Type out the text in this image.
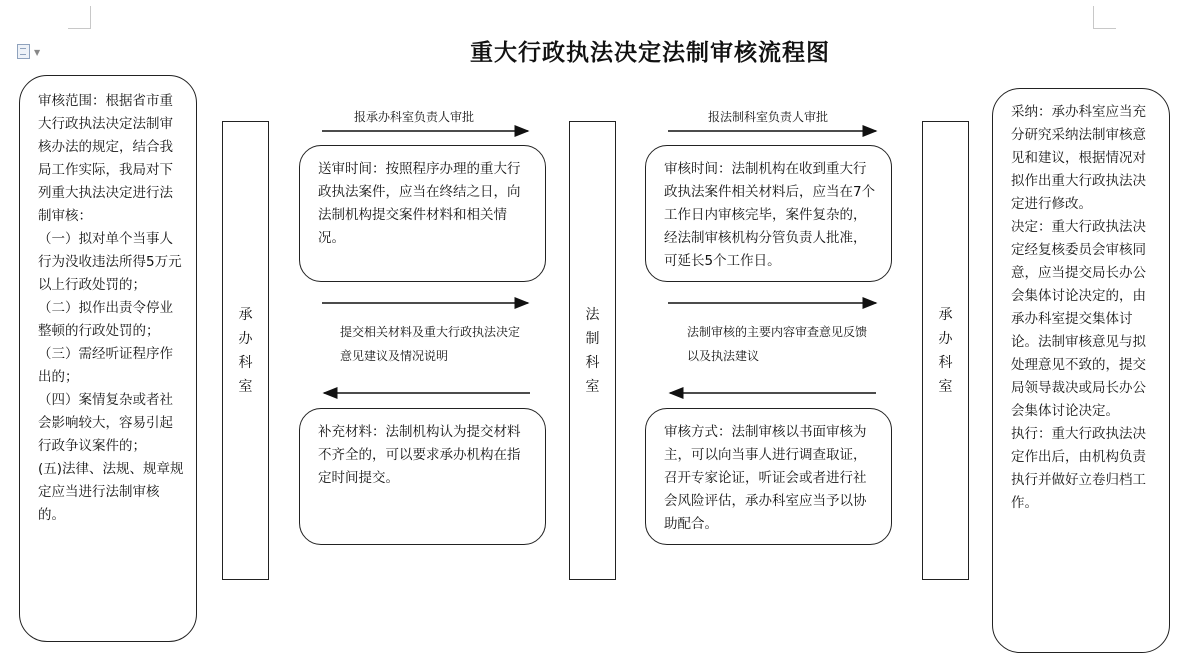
▼	重大行政执法决定法制审核流程图

审核范围：根据省市重大行政执法决定法制审核办法的规定，结合我局工作实际，我局对下列重大执法决定进行法制审核：

（一）拟对单个当事人行为没收违法所得5万元以上行政处罚的；

（二）拟作出责令停业整顿的行政处罚的；

（三）需经听证程序作出的；

（四）案情复杂或者社会影响较大，容易引起行政争议案件的；

(五)法律、法规、规章规定应当进行法制审核的。

承办科室
法制科室
承办科室
报承办科室负责人审批	报法制科室负责人审批
提交相关材料及重大行政执法决定意见建议及情况说明
法制审核的主要内容审查意见反馈以及执法建议
送审时间：按照程序办理的重大行政执法案件，应当在终结之日，向法制机构提交案件材料和相关情况。
审核时间：法制机构在收到重大行政执法案件相关材料后，应当在7个工作日内审核完毕，案件复杂的，经法制审核机构分管负责人批准，可延长5个工作日。
补充材料：法制机构认为提交材料不齐全的，可以要求承办机构在指定时间提交。
审核方式：法制审核以书面审核为主，可以向当事人进行调查取证，召开专家论证，听证会或者进行社会风险评估，承办科室应当予以协助配合。

采纳：承办科室应当充分研究采纳法制审核意见和建议，根据情况对拟作出重大行政执法决定进行修改。

决定：重大行政执法决定经复核委员会审核同意，应当提交局长办公会集体讨论决定的，由承办科室提交集体讨论。法制审核意见与拟处理意见不致的，提交局领导裁决或局长办公会集体讨论决定。

执行：重大行政执法决定作出后，由机构负责执行并做好立卷归档工作。
